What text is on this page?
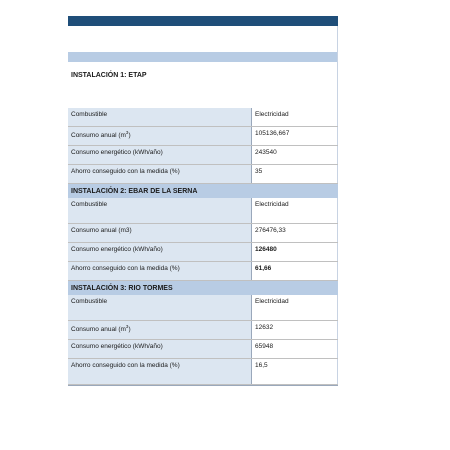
INSTALACIÓN 1: ETAP
Combustible	Electricidad
Consumo anual $(m^3)$	105136,667
Consumo energético (kWh/año)	243540
Ahorro conseguido con la medida (%)	35
INSTALACIÓN 2: EBAR DE LA SERNA
Combustible	Electricidad
Consumo anual (m3)	276476,33
Consumo energético (kWh/año)	126480
Ahorro conseguido con la medida (%)	61,66
INSTALACIÓN 3: RIO TORMES
Combustible	Electricidad
Consumo anual $(m^3)$	12632
Consumo energético (kWh/año)	65948
Ahorro conseguido con la medida (%)	16,5
